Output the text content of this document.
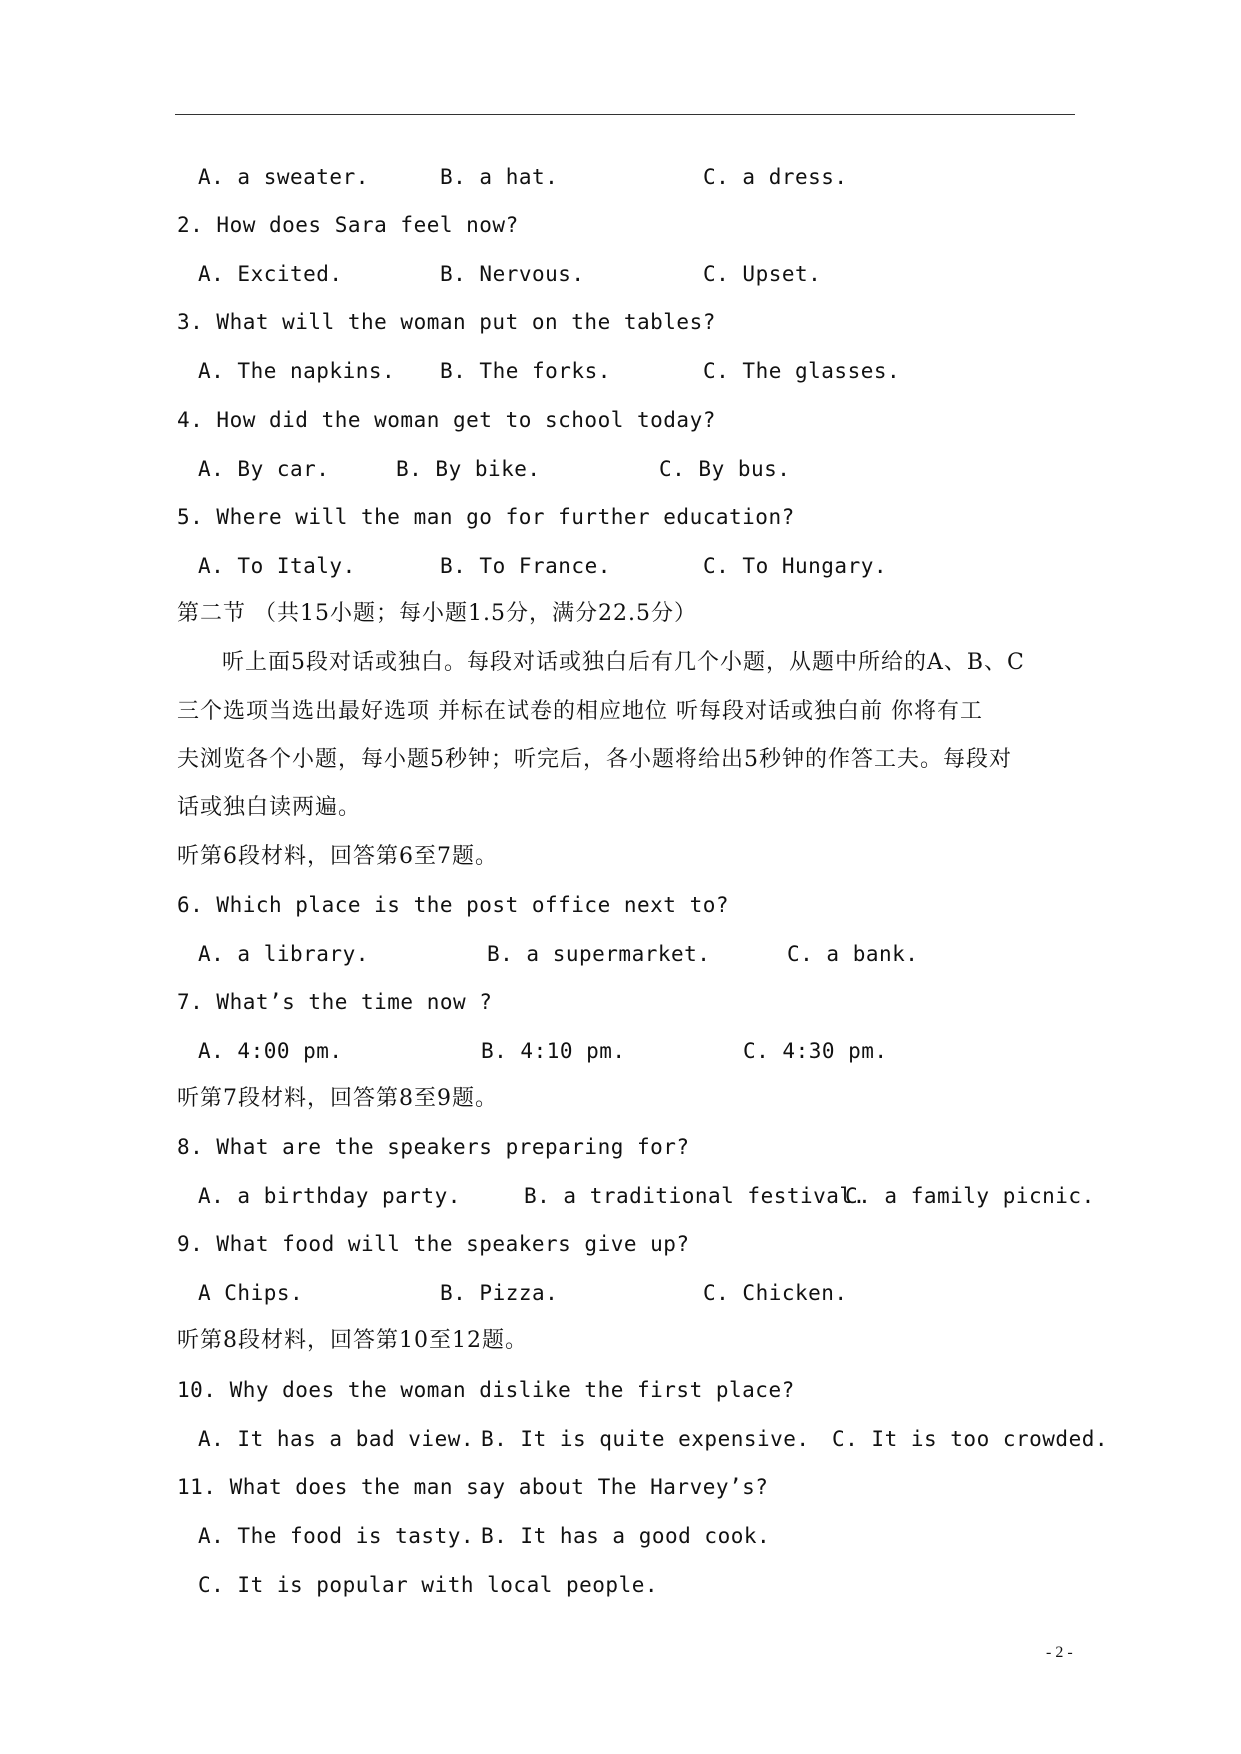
A. a sweater.	B. a hat.	C. a dress.
2. How does Sara feel now?
A. Excited.	B. Nervous.	C. Upset.
3. What will the woman put on the tables?
A. The napkins. B. The forks.	C. The glasses.
4. How did the woman get to school today?
A. By car.	B. By bike.	C. By bus.
5. Where will the man go for further education?
A. To Italy.	B. To France.	C. To Hungary.
第二节 （共15小题；每小题1.5分，满分22.5分）
听上面5段对话或独白。每段对话或独白后有几个小题，从题中所给的A、B、C
三个选项当选出最好选项 并标在试卷的相应地位 听每段对话或独白前 你将有工
夫浏览各个小题，每小题5秒钟；听完后，各小题将给出5秒钟的作答工夫。每段对
话或独白读两遍。
听第6段材料，回答第6至7题。
6. Which place is the post office next to?
A. a library.	B. a supermarket.	C. a bank.
7. What’s the time now ?
A. 4:00 pm.	B. 4:10 pm.	C. 4:30 pm.
听第7段材料，回答第8至9题。
8. What are the speakers preparing for?
A. a birthday party.	B. a traditional festival.
C. a family picnic.
9. What food will the speakers give up?
A Chips.	B. Pizza.	C. Chicken.
听第8段材料，回答第10至12题。
10. Why does the woman dislike the first place?
A. It has a bad view. B. It is quite expensive. C. It is too crowded.
11. What does the man say about The Harvey’s?
A. The food is tasty. B. It has a good cook.
C. It is popular with local people.
- 2 -
